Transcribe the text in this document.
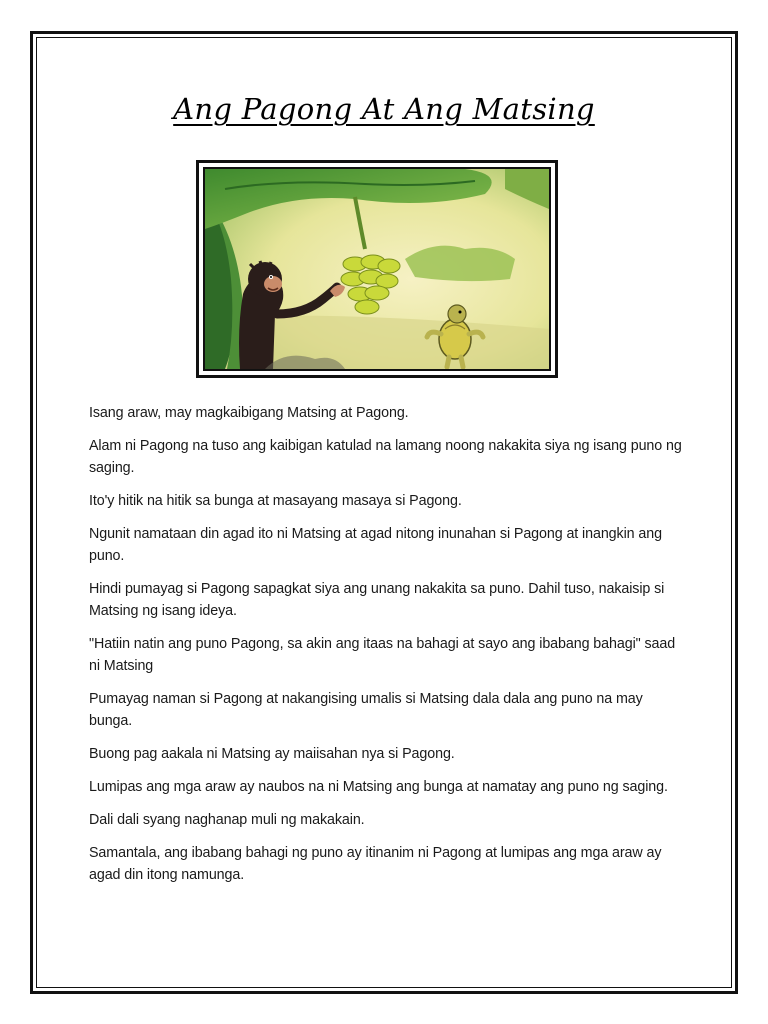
Ang Pagong At Ang Matsing

Isang araw, may magkaibigang Matsing at Pagong.

Alam ni Pagong na tuso ang kaibigan katulad na lamang noong nakakita siya ng isang puno ng saging.

Ito'y hitik na hitik sa bunga at masayang masaya si Pagong.

Ngunit namataan din agad ito ni Matsing at agad nitong inunahan si Pagong at inangkin ang puno.

Hindi pumayag si Pagong sapagkat siya ang unang nakakita sa puno. Dahil tuso, nakaisip si Matsing ng isang ideya.

"Hatiin natin ang puno Pagong, sa akin ang itaas na bahagi at sayo ang ibabang bahagi" saad ni Matsing

Pumayag naman si Pagong at nakangising umalis si Matsing dala dala ang puno na may bunga.

Buong pag aakala ni Matsing ay maiisahan nya si Pagong.

Lumipas ang mga araw ay naubos na ni Matsing ang bunga at namatay ang puno ng saging.

Dali dali syang naghanap muli ng makakain.

Samantala, ang ibabang bahagi ng puno ay itinanim ni Pagong at lumipas ang mga araw ay agad din itong namunga.
